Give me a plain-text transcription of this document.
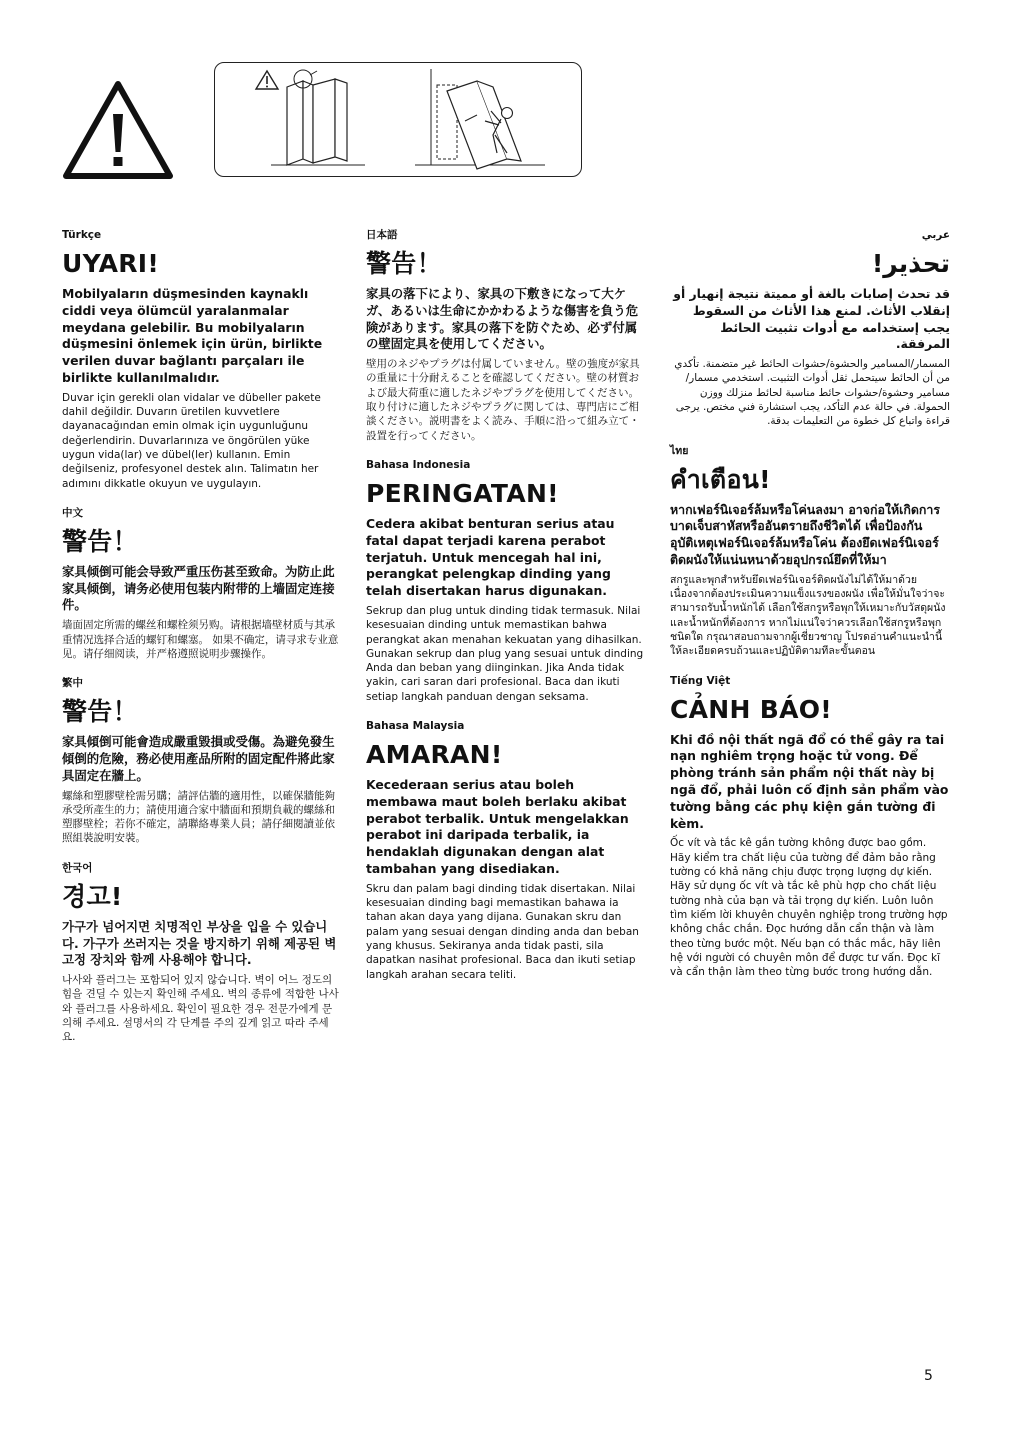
Türkçe

UYARI!

Mobilyaların düşmesinden kaynaklı ciddi veya ölümcül yaralanmalar meydana gelebilir. Bu mobilyaların düşmesini önlemek için ürün, birlikte verilen duvar bağlantı parçaları ile birlikte kullanılmalıdır.

Duvar için gerekli olan vidalar ve dübeller pakete dahil değildir. Duvarın üretilen kuvvetlere dayanacağından emin olmak için uygunluğunu değerlendirin. Duvarlarınıza ve öngörülen yüke uygun vida(lar) ve dübel(ler) kullanın. Emin değilseniz, profesyonel destek alın. Talimatın her adımını dikkatle okuyun ve uygulayın.

中文

警告！

家具倾倒可能会导致严重压伤甚至致命。为防止此家具倾倒，请务必使用包装内附带的上墙固定连接件。

墙面固定所需的螺丝和螺栓须另购。请根据墙壁材质与其承重情况选择合适的螺钉和螺塞。 如果不确定，请寻求专业意见。请仔细阅读，并严格遵照说明步骤操作。

繁中

警告！

家具傾倒可能會造成嚴重毀損或受傷。為避免發生傾倒的危險，務必使用產品所附的固定配件將此家具固定在牆上。

螺絲和塑膠壁栓需另購；請評估牆的適用性，以確保牆能夠承受所產生的力；請使用適合家中牆面和預期負載的螺絲和塑膠壁栓；若你不確定，請聯絡專業人員；請仔細閱讀並依照組裝說明安裝。

한국어

경고!

가구가 넘어지면 치명적인 부상을 입을 수 있습니다. 가구가 쓰러지는 것을 방지하기 위해 제공된 벽고정 장치와 함께 사용해야 합니다.

나사와 플러그는 포함되어 있지 않습니다. 벽이 어느 정도의 힘을 견딜 수 있는지 확인해 주세요. 벽의 종류에 적합한 나사와 플러그를 사용하세요. 확인이 필요한 경우 전문가에게 문의해 주세요. 설명서의 각 단계를 주의 깊게 읽고 따라 주세요.

日本語

警告！

家具の落下により、家具の下敷きになって大ケガ、あるいは生命にかかわるような傷害を負う危険があります。家具の落下を防ぐため、必ず付属の壁固定具を使用してください。

壁用のネジやプラグは付属していません。壁の強度が家具の重量に十分耐えることを確認してください。壁の材質および最大荷重に適したネジやプラグを使用してください。取り付けに適したネジやプラグに関しては、専門店にご相談ください。説明書をよく読み、手順に沿って組み立て・設置を行ってください。

Bahasa Indonesia

PERINGATAN!

Cedera akibat benturan serius atau fatal dapat terjadi karena perabot terjatuh. Untuk mencegah hal ini, perangkat pelengkap dinding yang telah disertakan harus digunakan.

Sekrup dan plug untuk dinding tidak termasuk. Nilai kesesuaian dinding untuk memastikan bahwa perangkat akan menahan kekuatan yang dihasilkan. Gunakan sekrup dan plug yang sesuai untuk dinding Anda dan beban yang diinginkan. Jika Anda tidak yakin, cari saran dari profesional. Baca dan ikuti setiap langkah panduan dengan seksama.

Bahasa Malaysia

AMARAN!

Kecederaan serius atau boleh membawa maut boleh berlaku akibat perabot terbalik. Untuk mengelakkan perabot ini daripada terbalik, ia hendaklah digunakan dengan alat tambahan yang disediakan.

Skru dan palam bagi dinding tidak disertakan. Nilai kesesuaian dinding bagi memastikan bahawa ia tahan akan daya yang dijana. Gunakan skru dan palam yang sesuai dengan dinding anda dan beban yang khusus. Sekiranya anda tidak pasti, sila dapatkan nasihat profesional. Baca dan ikuti setiap langkah arahan secara teliti.

عربي

تحذير!

قد تحدث إصابات بالغة أو مميتة نتيجة إنهيار أو إنقلاب الأثاث. لمنع هذا الأثاث من السقوط يجب إستخدامه مع أدوات تثبيت الحائط المرفقة.

المسمار/المسامير والحشوة/حشوات الحائط غير متضمنة. تأكدي من أن الحائط سيتحمل ثقل أدوات التثبيت. استخدمي مسمار/مسامير وحشوة/حشوات حائط مناسبة لحائط منزلك ووزن الحمولة. في حالة عدم التأكد، يجب استشارة فني مختص. يرجى قراءة واتباع كل خطوة من التعليمات بدقة.

ไทย

คำเตือน!

หากเฟอร์นิเจอร์ล้มหรือโค่นลงมา อาจก่อให้เกิดการบาดเจ็บสาหัสหรืออันตรายถึงชีวิตได้ เพื่อป้องกันอุบัติเหตุเฟอร์นิเจอร์ล้มหรือโค่น ต้องยึดเฟอร์นิเจอร์ติดผนังให้แน่นหนาด้วยอุปกรณ์ยึดที่ให้มา

สกรูและพุกสำหรับยึดเฟอร์นิเจอร์ติดผนังไม่ได้ให้มาด้วย เนื่องจากต้องประเมินความแข็งแรงของผนัง เพื่อให้มั่นใจว่าจะสามารถรับน้ำหนักได้ เลือกใช้สกรูหรือพุกให้เหมาะกับวัสดุผนังและน้ำหนักที่ต้องการ หากไม่แน่ใจว่าควรเลือกใช้สกรูหรือพุกชนิดใด กรุณาสอบถามจากผู้เชี่ยวชาญ โปรดอ่านคำแนะนำนี้ให้ละเอียดครบถ้วนและปฏิบัติตามทีละขั้นตอน

Tiếng Việt

CẢNH BÁO!

Khi đồ nội thất ngã đổ có thể gây ra tai nạn nghiêm trọng hoặc tử vong. Để phòng tránh sản phẩm nội thất này bị ngã đổ, phải luôn cố định sản phẩm vào tường bằng các phụ kiện gắn tường đi kèm.

Ốc vít và tắc kê gắn tường không được bao gồm. Hãy kiểm tra chất liệu của tường để đảm bảo rằng tường có khả năng chịu được trọng lượng dự kiến. Hãy sử dụng ốc vít và tắc kê phù hợp cho chất liệu tường nhà của bạn và tải trọng dự kiến. Luôn luôn tìm kiếm lời khuyên chuyên nghiệp trong trường hợp không chắc chắn. Đọc hướng dẫn cẩn thận và làm theo từng bước một. Nếu bạn có thắc mắc, hãy liên hệ với người có chuyên môn để được tư vấn. Đọc kĩ và cẩn thận làm theo từng bước trong hướng dẫn.

5
